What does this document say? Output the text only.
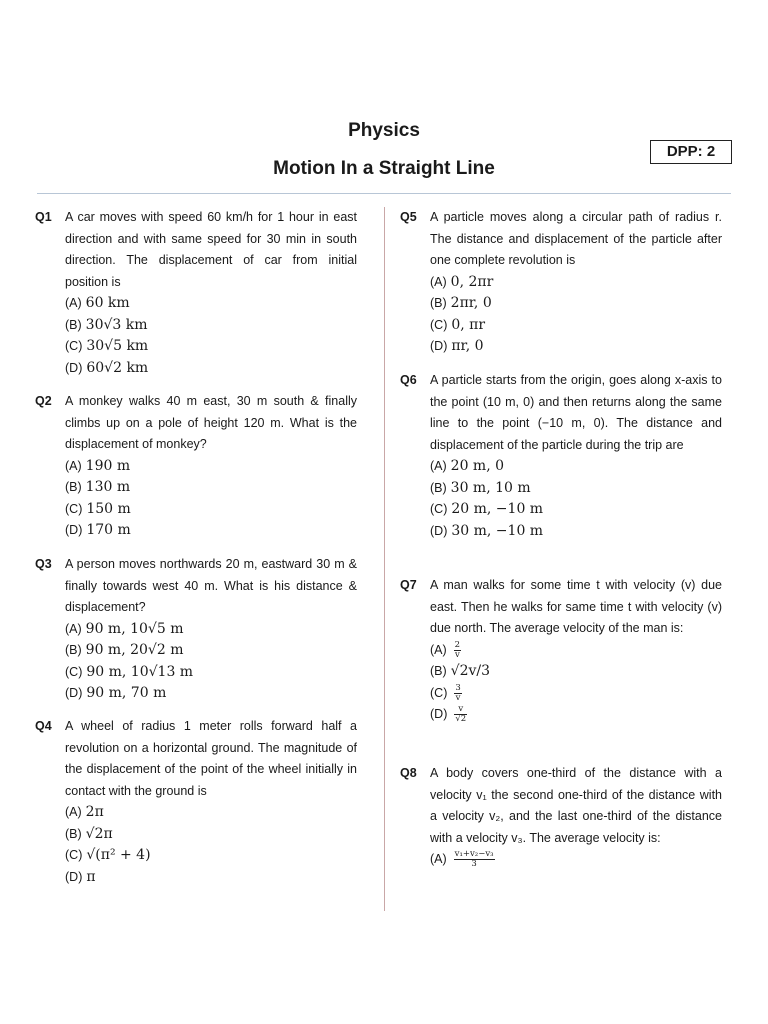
Physics
Motion In a Straight Line
DPP: 2
Q1	A car moves with speed 60 km/h for 1 hour in east direction and with same speed for 30 min in south direction. The displacement of car from initial position is
(A) 60 km
(B) 30√3 km
(C) 30√5 km
(D) 60√2 km
Q2	A monkey walks 40 m east, 30 m south & finally climbs up on a pole of height 120 m. What is the displacement of monkey?
(A) 190 m
(B) 130 m
(C) 150 m
(D) 170 m
Q3	A person moves northwards 20 m, eastward 30 m & finally towards west 40 m. What is his distance & displacement?
(A) 90 m, 10√5 m
(B) 90 m, 20√2 m
(C) 90 m, 10√13 m
(D) 90 m, 70 m
Q4	A wheel of radius 1 meter rolls forward half a revolution on a horizontal ground. The magnitude of the displacement of the point of the wheel initially in contact with the ground is
(A) 2π
(B) √2π
(C) √(π² + 4)
(D) π
Q5	A particle moves along a circular path of radius r. The distance and displacement of the particle after one complete revolution is
(A) 0, 2πr
(B) 2πr, 0
(C) 0, πr
(D) πr, 0
Q6	A particle starts from the origin, goes along x-axis to the point (10 m, 0) and then returns along the same line to the point (−10 m, 0). The distance and displacement of the particle during the trip are
(A) 20 m, 0
(B) 30 m, 10 m
(C) 20 m, −10 m
(D) 30 m, −10 m
Q7	A man walks for some time t with velocity (v) due east. Then he walks for same time t with velocity (v) due north. The average velocity of the man is:
$(A) \frac{2}{v}$
(B) √2v/3
$(C) \frac{3}{v}$
$(D) \frac{v}{√2}$
Q8	A body covers one-third of the distance with a velocity v₁ the second one-third of the distance with a velocity v₂, and the last one-third of the distance with a velocity v₃. The average velocity is:
$(A) \frac{\text{v₁+v₂−v₃}}{3}$
